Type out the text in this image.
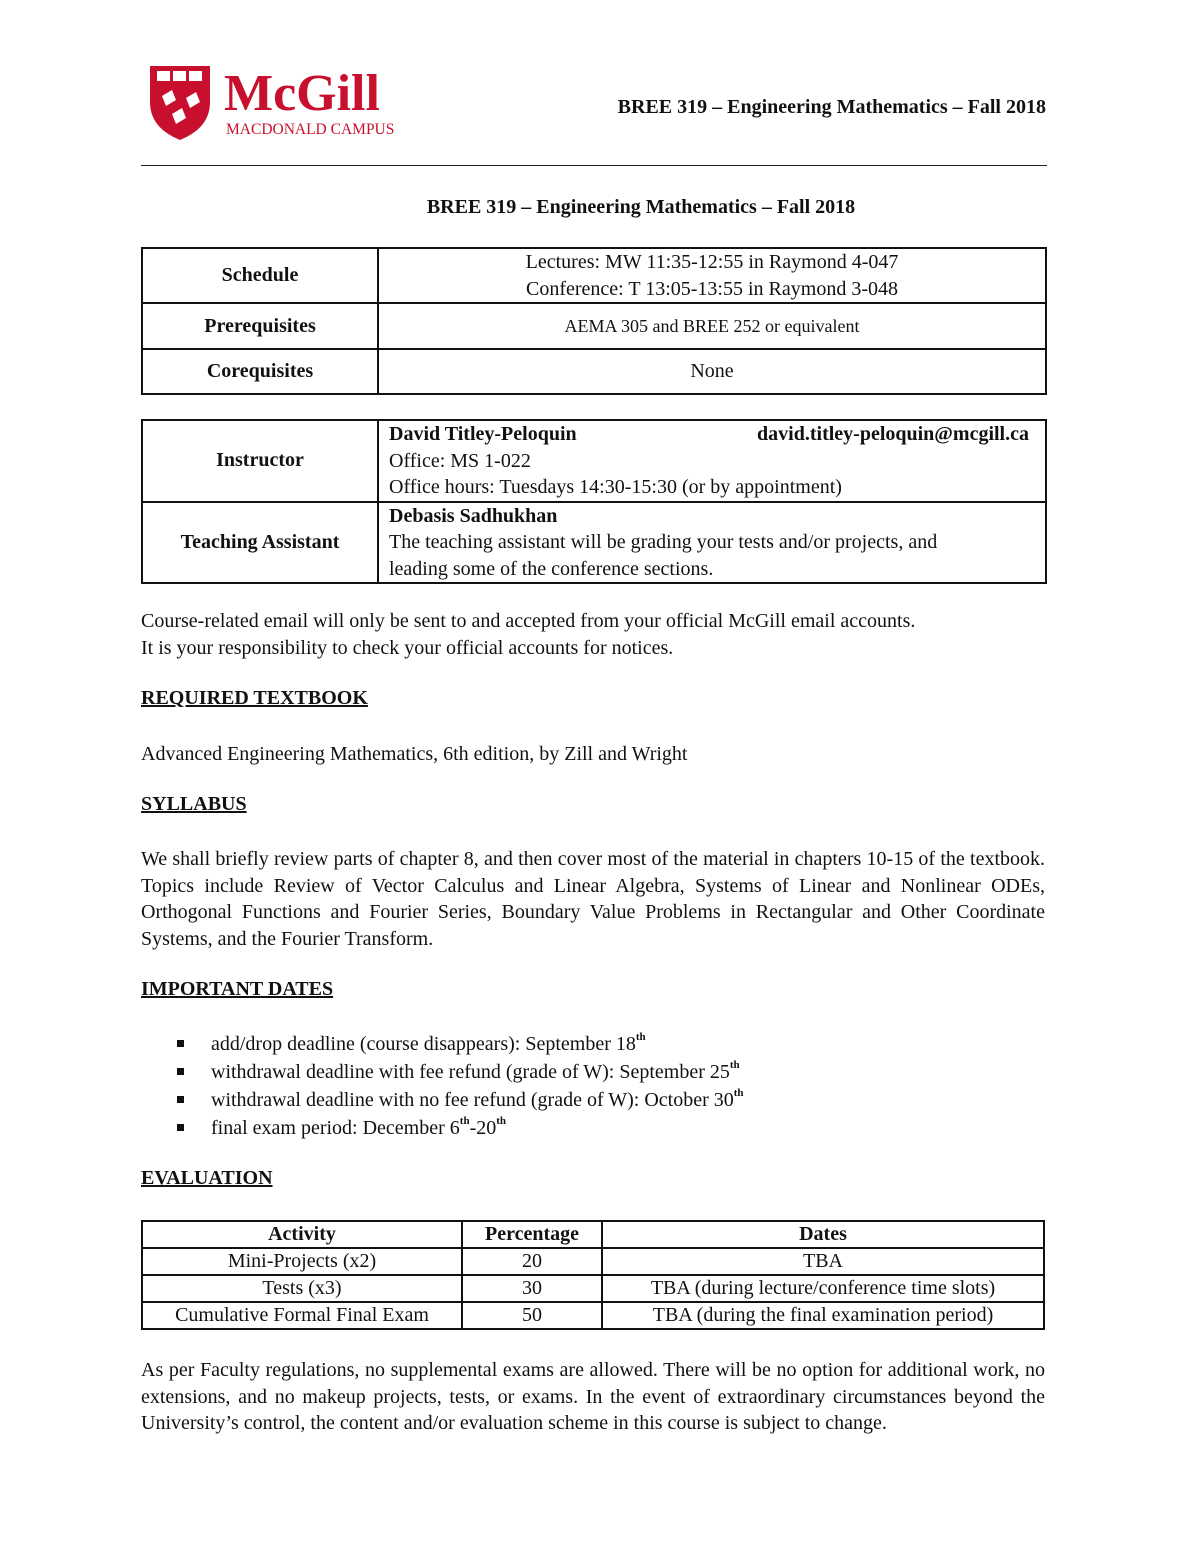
McGill
MACDONALD CAMPUS
BREE 319 – Engineering Mathematics – Fall 2018
BREE 319 – Engineering Mathematics – Fall 2018
Schedule	Lectures: MW 11:35-12:55 in Raymond 4-047
Conference: T 13:05-13:55 in Raymond 3-048

Prerequisites	AEMA 305 and BREE 252 or equivalent
Corequisites	None
Instructor	David Titley-Peloquin david.titley-peloquin@mcgill.ca
Office: MS 1-022
Office hours: Tuesdays 14:30-15:30 (or by appointment)

Teaching Assistant	Debasis Sadhukhan
The teaching assistant will be grading your tests and/or projects, and
leading some of the conference sections.
Course-related email will only be sent to and accepted from your official McGill email accounts.
It is your responsibility to check your official accounts for notices.
REQUIRED TEXTBOOK
Advanced Engineering Mathematics, 6th edition, by Zill and Wright
SYLLABUS
We shall briefly review parts of chapter 8, and then cover most of the material in chapters 10-15 of the textbook. Topics include Review of Vector Calculus and Linear Algebra, Systems of Linear and Nonlinear ODEs, Orthogonal Functions and Fourier Series, Boundary Value Problems in Rectangular and Other Coordinate Systems, and the Fourier Transform.
IMPORTANT DATES
add/drop deadline (course disappears): September 18th
withdrawal deadline with fee refund (grade of W): September 25th
withdrawal deadline with no fee refund (grade of W): October 30th
final exam period: December 6th-20th
EVALUATION
Activity	Percentage	Dates
Mini-Projects (x2)	20	TBA
Tests (x3)	30	TBA (during lecture/conference time slots)
Cumulative Formal Final Exam	50	TBA (during the final examination period)
As per Faculty regulations, no supplemental exams are allowed. There will be no option for additional work, no extensions, and no makeup projects, tests, or exams. In the event of extraordinary circumstances beyond the University’s control, the content and/or evaluation scheme in this course is subject to change.
